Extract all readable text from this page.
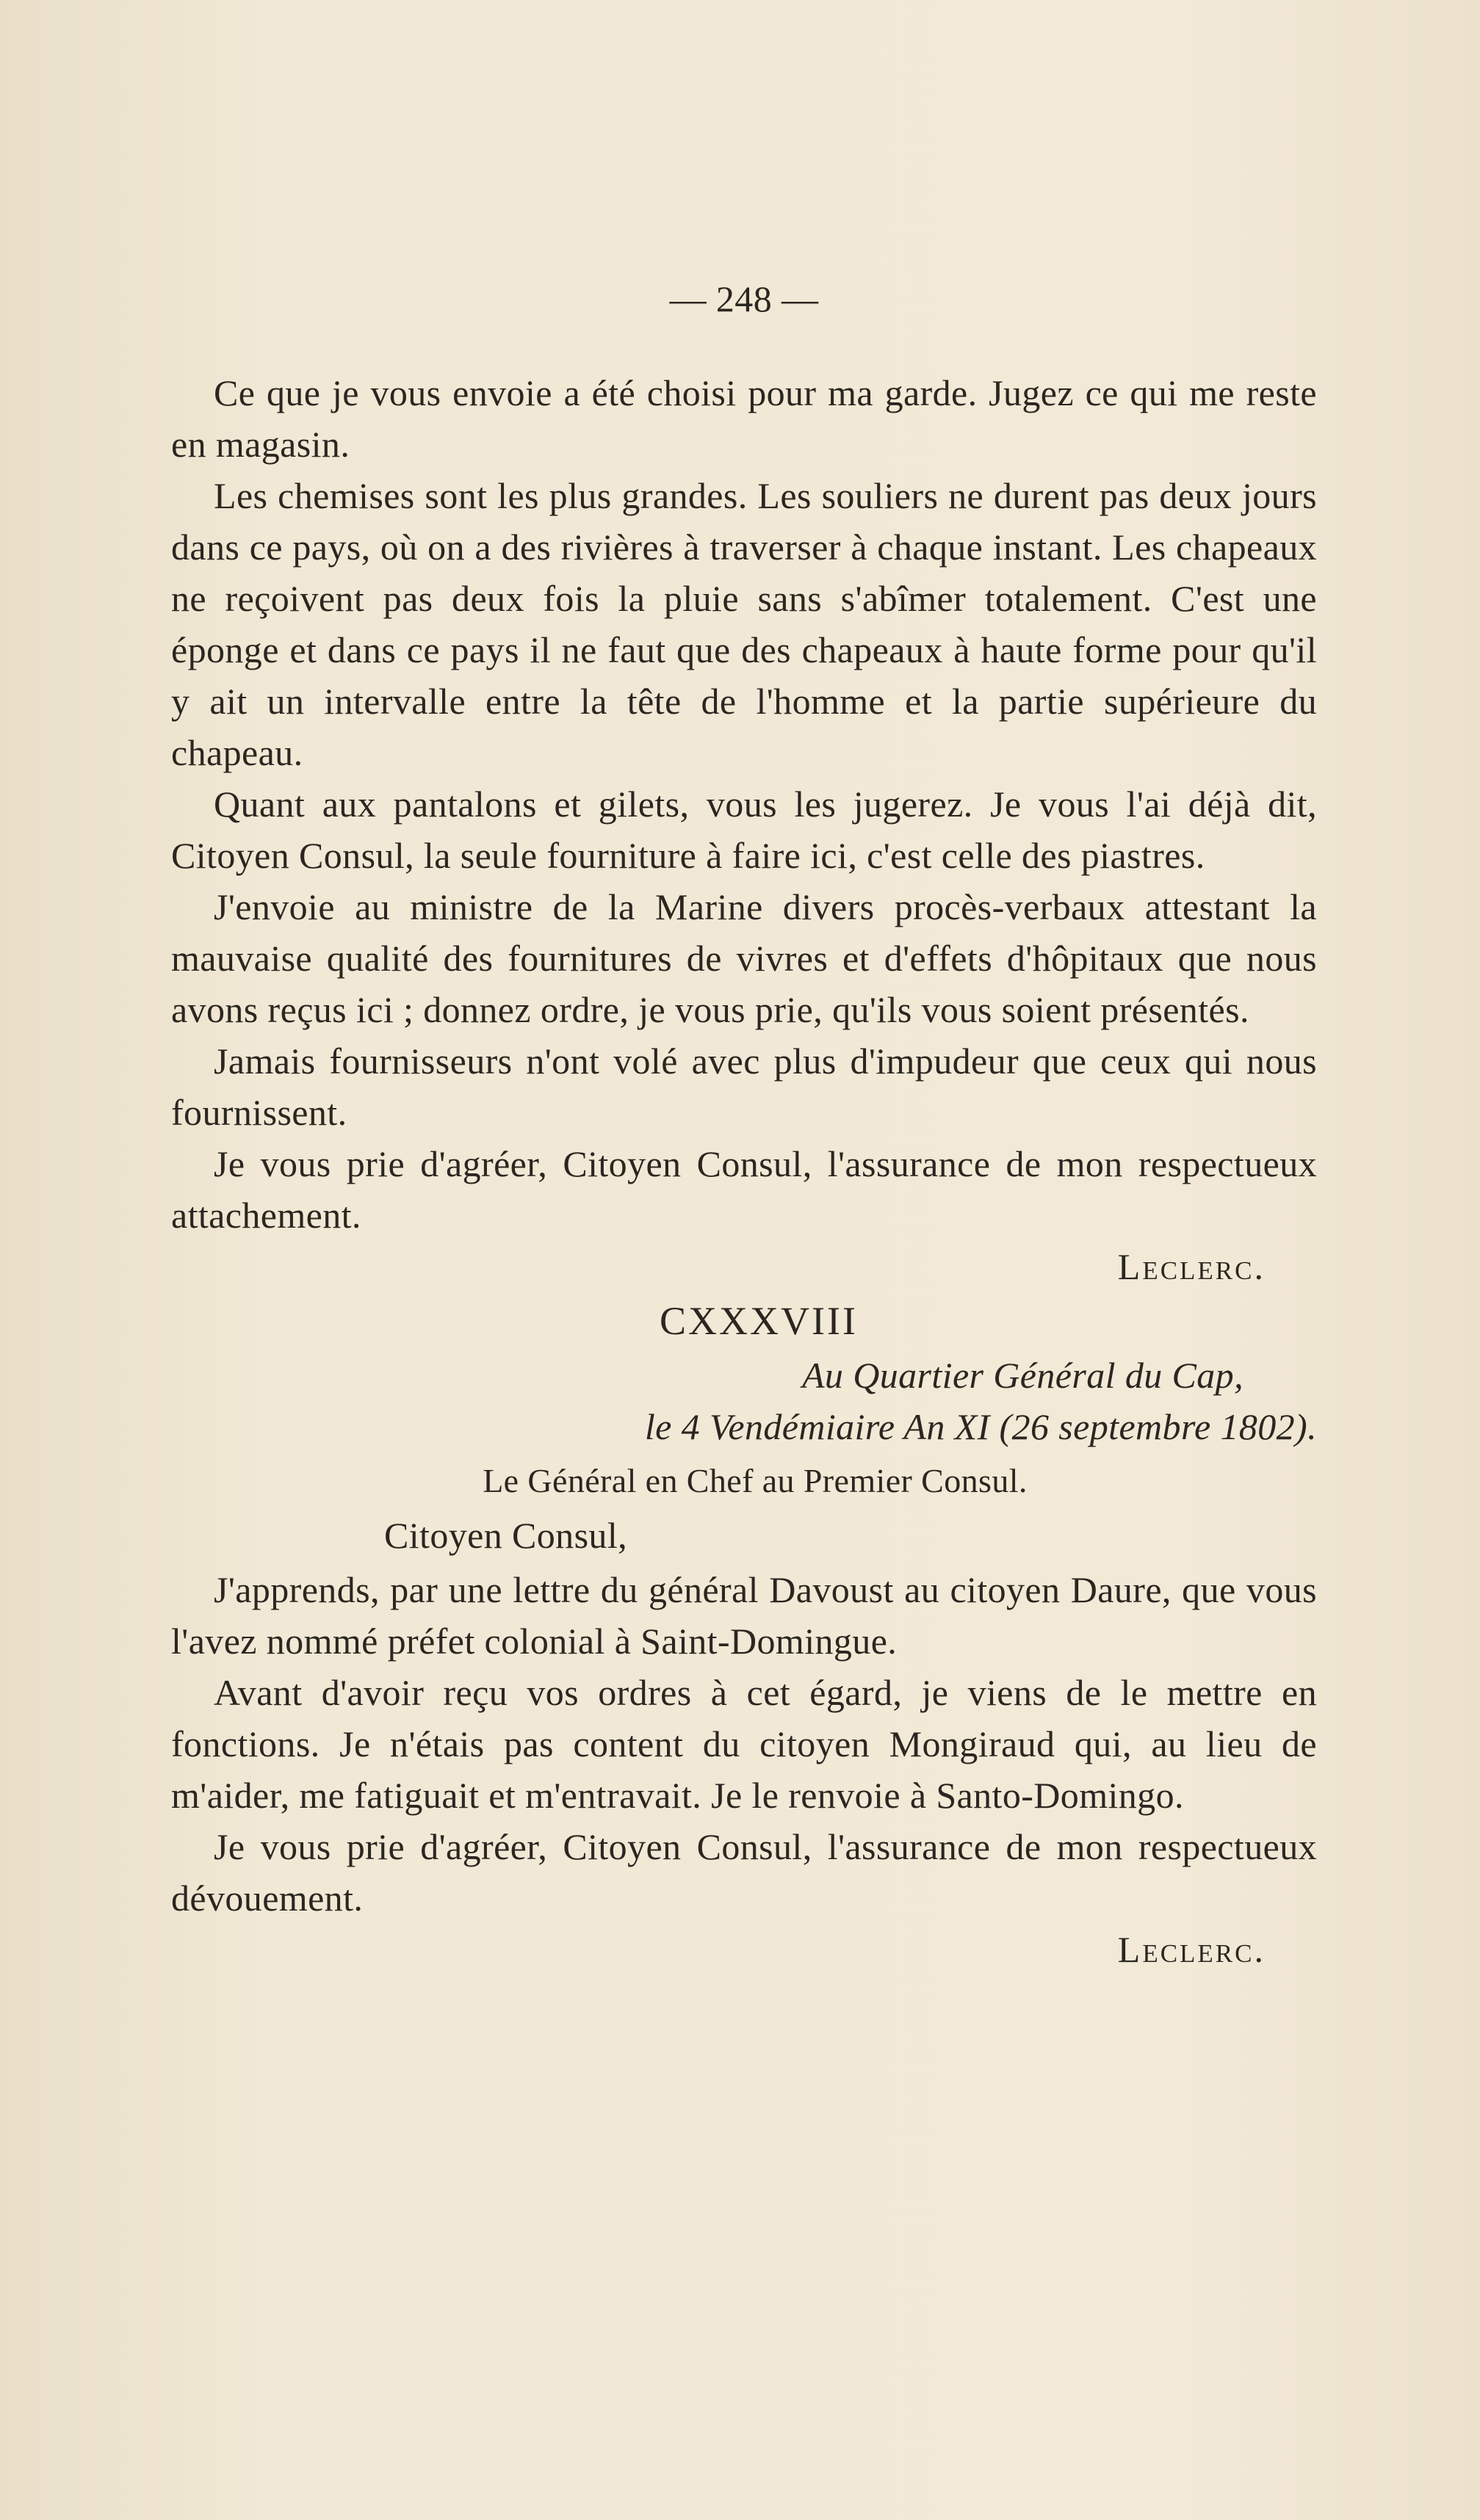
— 248 —

Ce que je vous envoie a été choisi pour ma garde. Jugez ce qui me reste en magasin.

Les chemises sont les plus grandes. Les souliers ne durent pas deux jours dans ce pays, où on a des rivières à traverser à chaque instant. Les chapeaux ne reçoivent pas deux fois la pluie sans s'abîmer totalement. C'est une éponge et dans ce pays il ne faut que des chapeaux à haute forme pour qu'il y ait un intervalle entre la tête de l'homme et la partie supérieure du chapeau.

Quant aux pantalons et gilets, vous les jugerez. Je vous l'ai déjà dit, Citoyen Consul, la seule fourniture à faire ici, c'est celle des piastres.

J'envoie au ministre de la Marine divers procès-verbaux attestant la mauvaise qualité des fournitures de vivres et d'effets d'hôpitaux que nous avons reçus ici ; donnez ordre, je vous prie, qu'ils vous soient présentés.

Jamais fournisseurs n'ont volé avec plus d'impudeur que ceux qui nous fournissent.

Je vous prie d'agréer, Citoyen Consul, l'assurance de mon respectueux attachement.

Leclerc.

CXXXVIII

Au Quartier Général du Cap,

le 4 Vendémiaire An XI (26 septembre 1802).

Le Général en Chef au Premier Consul.

Citoyen Consul,

J'apprends, par une lettre du général Davoust au citoyen Daure, que vous l'avez nommé préfet colonial à Saint-Domingue.

Avant d'avoir reçu vos ordres à cet égard, je viens de le mettre en fonctions. Je n'étais pas content du citoyen Mongiraud qui, au lieu de m'aider, me fatiguait et m'entravait. Je le renvoie à Santo-Domingo.

Je vous prie d'agréer, Citoyen Consul, l'assurance de mon respectueux dévouement.

Leclerc.
